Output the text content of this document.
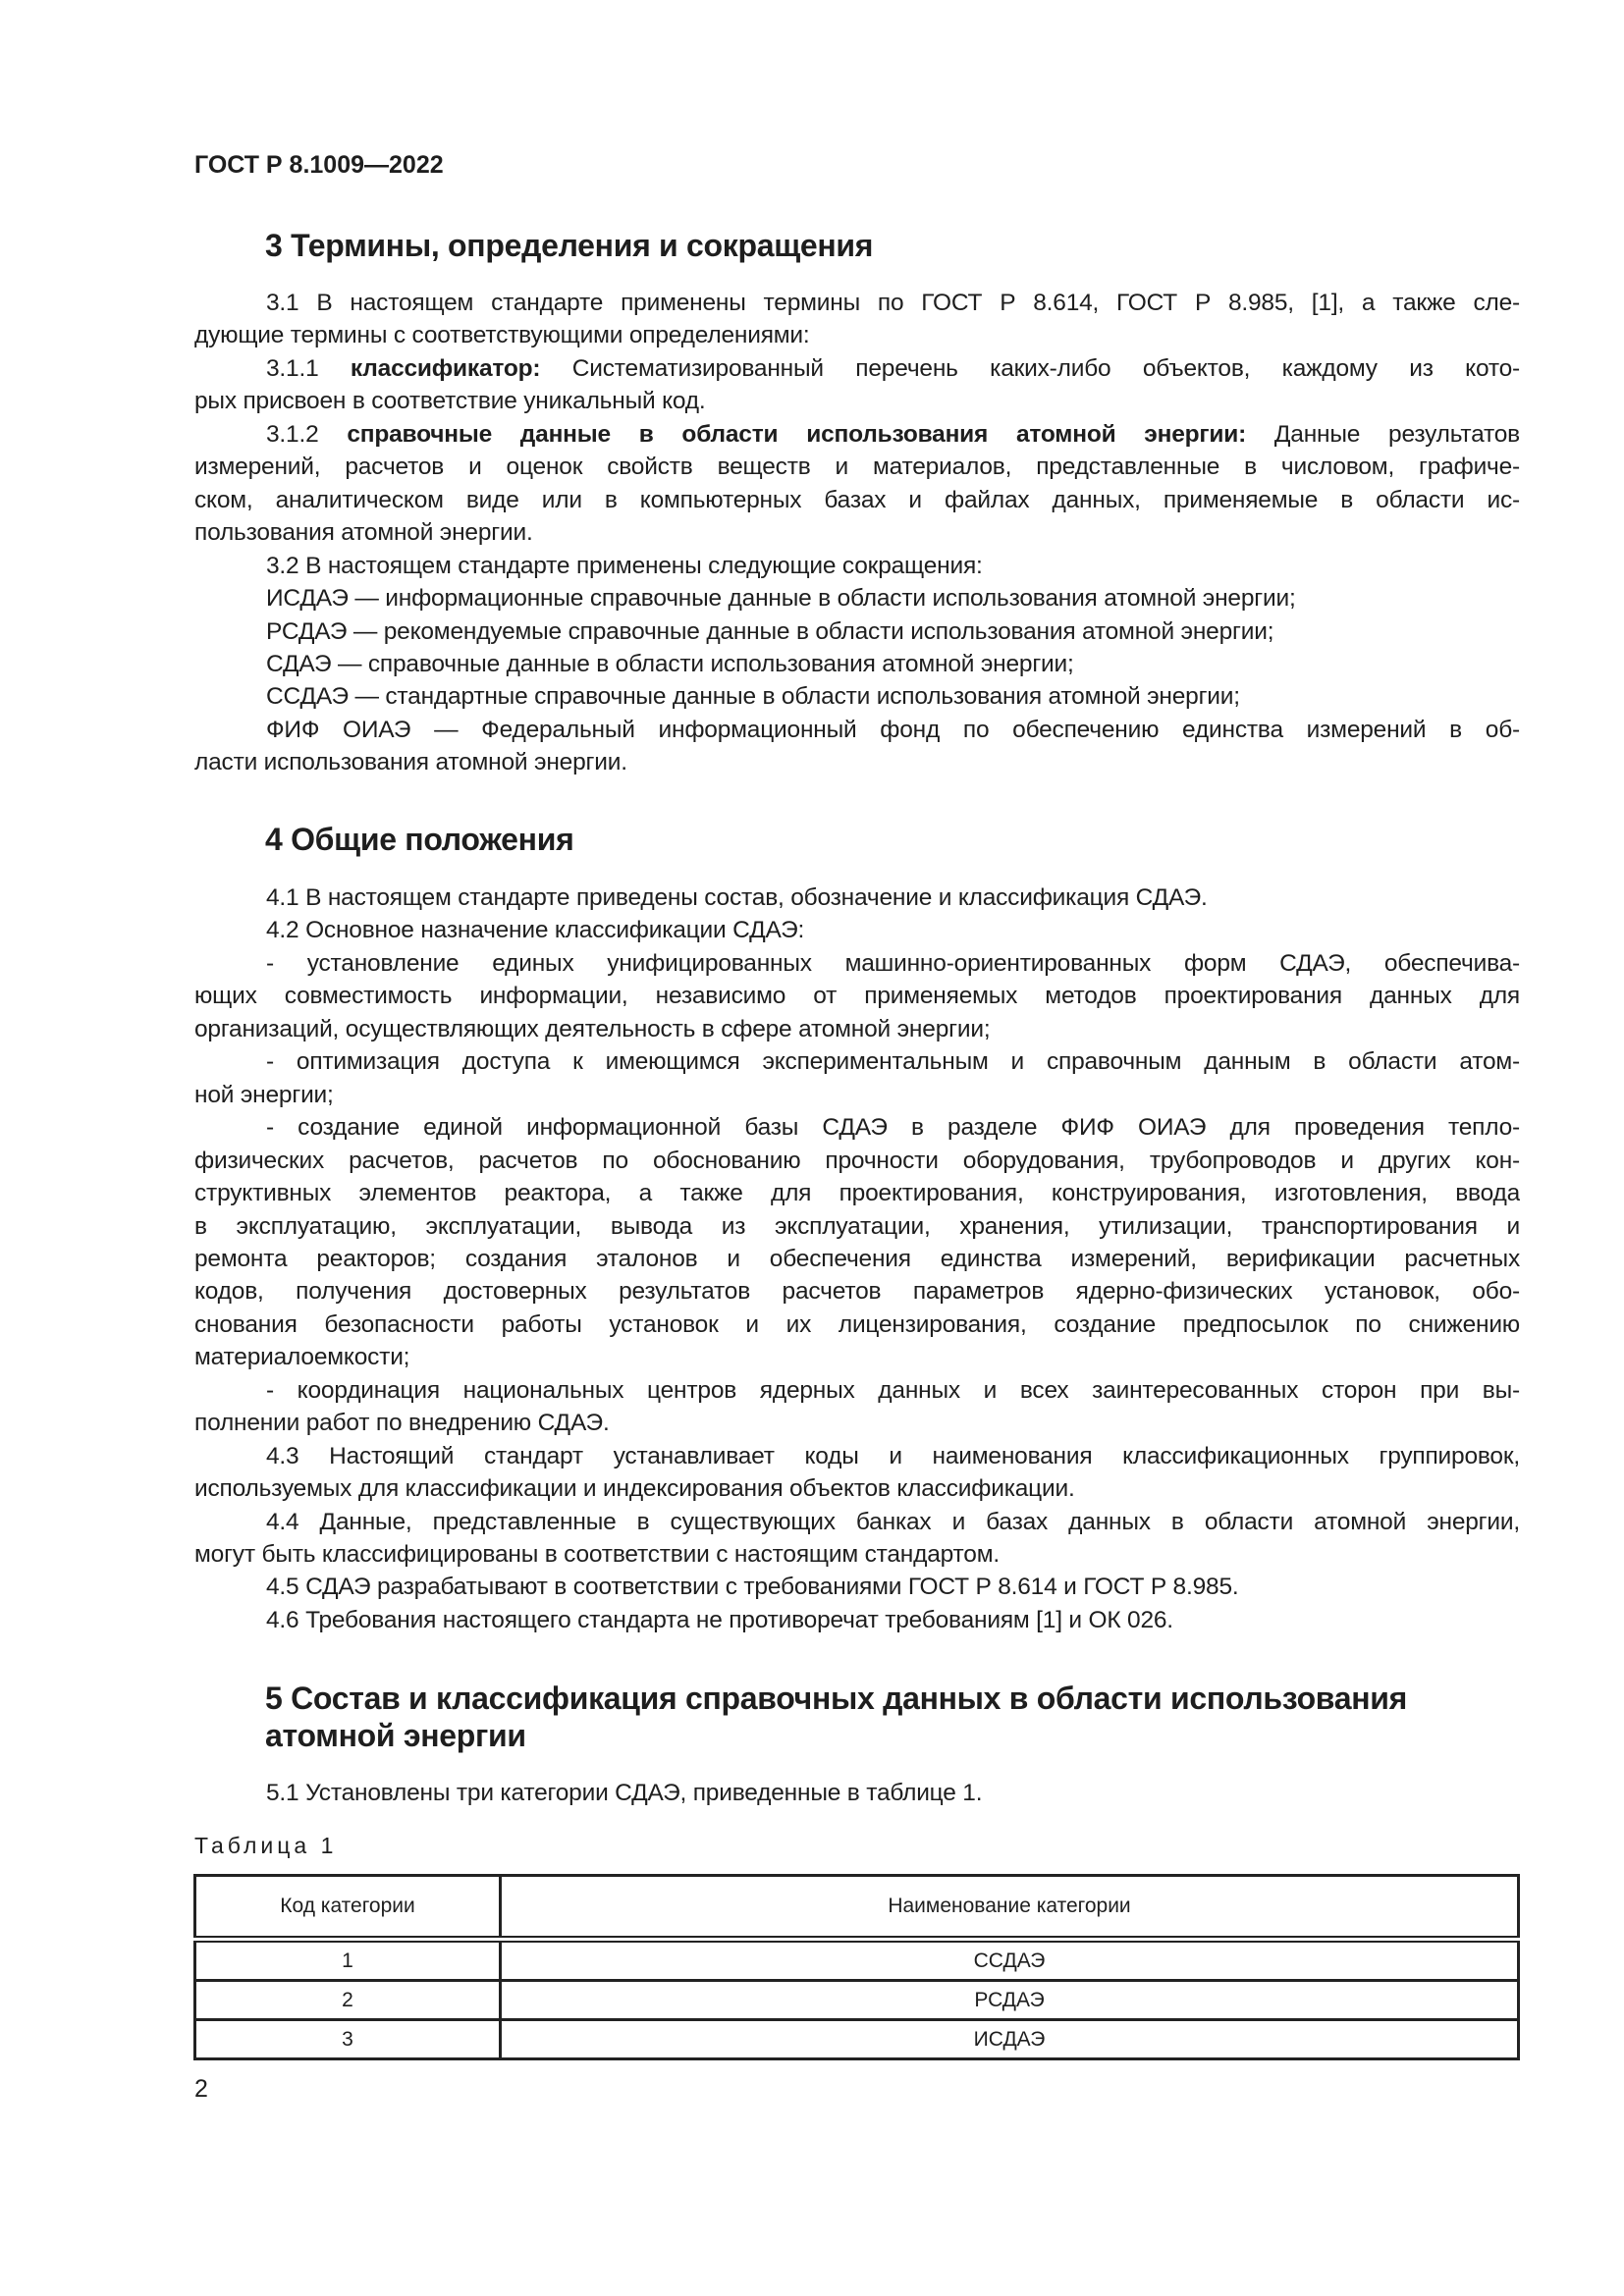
ГОСТ Р 8.1009—2022
3 Термины, определения и сокращения
3.1 В настоящем стандарте применены термины по ГОСТ Р 8.614, ГОСТ Р 8.985, [1], а также сле-
дующие термины с соответствующими определениями:
3.1.1 классификатор: Систематизированный перечень каких-либо объектов, каждому из кото-
рых присвоен в соответствие уникальный код.
3.1.2 справочные данные в области использования атомной энергии: Данные результатов
измерений, расчетов и оценок свойств веществ и материалов, представленные в числовом, графиче-
ском, аналитическом виде или в компьютерных базах и файлах данных, применяемые в области ис-
пользования атомной энергии.
3.2 В настоящем стандарте применены следующие сокращения:
ИСДАЭ — информационные справочные данные в области использования атомной энергии;
РСДАЭ — рекомендуемые справочные данные в области использования атомной энергии;
СДАЭ — справочные данные в области использования атомной энергии;
ССДАЭ — стандартные справочные данные в области использования атомной энергии;
ФИФ ОИАЭ — Федеральный информационный фонд по обеспечению единства измерений в об-
ласти использования атомной энергии.
4 Общие положения
4.1 В настоящем стандарте приведены состав, обозначение и классификация СДАЭ.
4.2 Основное назначение классификации СДАЭ:
- установление единых унифицированных машинно-ориентированных форм СДАЭ, обеспечива-
ющих совместимость информации, независимо от применяемых методов проектирования данных для
организаций, осуществляющих деятельность в сфере атомной энергии;
- оптимизация доступа к имеющимся экспериментальным и справочным данным в области атом-
ной энергии;
- создание единой информационной базы СДАЭ в разделе ФИФ ОИАЭ для проведения тепло-
физических расчетов, расчетов по обоснованию прочности оборудования, трубопроводов и других кон-
структивных элементов реактора, а также для проектирования, конструирования, изготовления, ввода
в эксплуатацию, эксплуатации, вывода из эксплуатации, хранения, утилизации, транспортирования и
ремонта реакторов; создания эталонов и обеспечения единства измерений, верификации расчетных
кодов, получения достоверных результатов расчетов параметров ядерно-физических установок, обо-
снования безопасности работы установок и их лицензирования, создание предпосылок по снижению
материалоемкости;
- координация национальных центров ядерных данных и всех заинтересованных сторон при вы-
полнении работ по внедрению СДАЭ.
4.3 Настоящий стандарт устанавливает коды и наименования классификационных группировок,
используемых для классификации и индексирования объектов классификации.
4.4 Данные, представленные в существующих банках и базах данных в области атомной энергии,
могут быть классифицированы в соответствии с настоящим стандартом.
4.5 СДАЭ разрабатывают в соответствии с требованиями ГОСТ Р 8.614 и ГОСТ Р 8.985.
4.6 Требования настоящего стандарта не противоречат требованиям [1] и ОК 026.
5 Состав и классификация справочных данных в области использования
атомной энергии
5.1 Установлены три категории СДАЭ, приведенные в таблице 1.
Таблица 1
Код категории	Наименование категории
1	ССДАЭ
2	РСДАЭ
3	ИСДАЭ
2
